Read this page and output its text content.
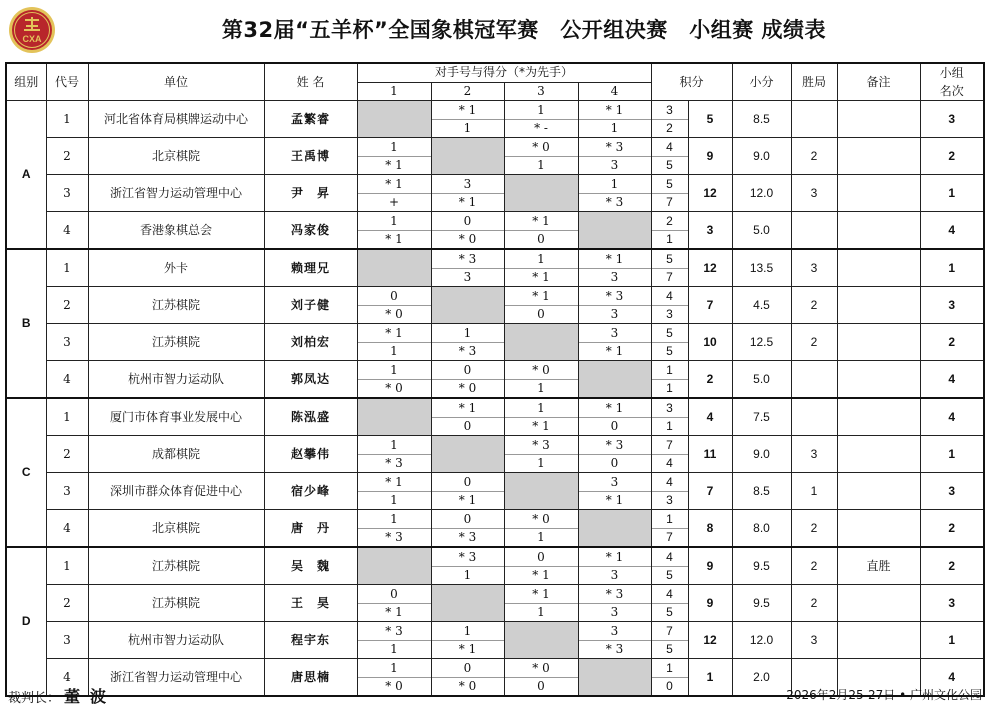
CXA	第32届“五羊杯”全国象棋冠军赛　公开组决赛　小组赛 成绩表
组别	代号	单位	姓 名	对手号与得分（*为先手）				积分		小分	胜局	备注	小组名次
				1	2	3	4						
A	1	河北省体育局棋牌运动中心	孟繁睿		* 1	1	* 1	3	5	8.5			3
					1	* -	1	2					
	2	北京棋院	王禹博	1		* 0	* 3	4	9	9.0	2		2
				* 1		1	3	5					
	3	浙江省智力运动管理中心	尹　昇	* 1	3		1	5	12	12.0	3		1
				+	* 1		* 3	7					
	4	香港象棋总会	冯家俊	1	0	* 1		2	3	5.0			4
				* 1	* 0	0		1					
B	1	外卡	赖理兄		* 3	1	* 1	5	12	13.5	3		1
					3	* 1	3	7					
	2	江苏棋院	刘子健	0		* 1	* 3	4	7	4.5	2		3
				* 0		0	3	3					
	3	江苏棋院	刘柏宏	* 1	1		3	5	10	12.5	2		2
				1	* 3		* 1	5					
	4	杭州市智力运动队	郭凤达	1	0	* 0		1	2	5.0			4
				* 0	* 0	1		1					
C	1	厦门市体育事业发展中心	陈泓盛		* 1	1	* 1	3	4	7.5			4
					0	* 1	0	1					
	2	成都棋院	赵攀伟	1		* 3	* 3	7	11	9.0	3		1
				* 3		1	0	4					
	3	深圳市群众体育促进中心	宿少峰	* 1	0		3	4	7	8.5	1		3
				1	* 1		* 1	3					
	4	北京棋院	唐　丹	1	0	* 0		1	8	8.0	2		2
				* 3	* 3	1		7					
D	1	江苏棋院	吴　魏		* 3	0	* 1	4	9	9.5	2	直胜	2
					1	* 1	3	5					
	2	江苏棋院	王　昊	0		* 1	* 3	4	9	9.5	2		3
				* 1		1	3	5					
	3	杭州市智力运动队	程宇东	* 3	1		3	7	12	12.0	3		1
				1	* 1		* 3	5					
	4	浙江省智力运动管理中心	唐思楠	1	0	* 0		1	1	2.0			4
				* 0	* 0	0		0					
裁判长： 董波	2026年2月25-27日 • 广州文化公园
